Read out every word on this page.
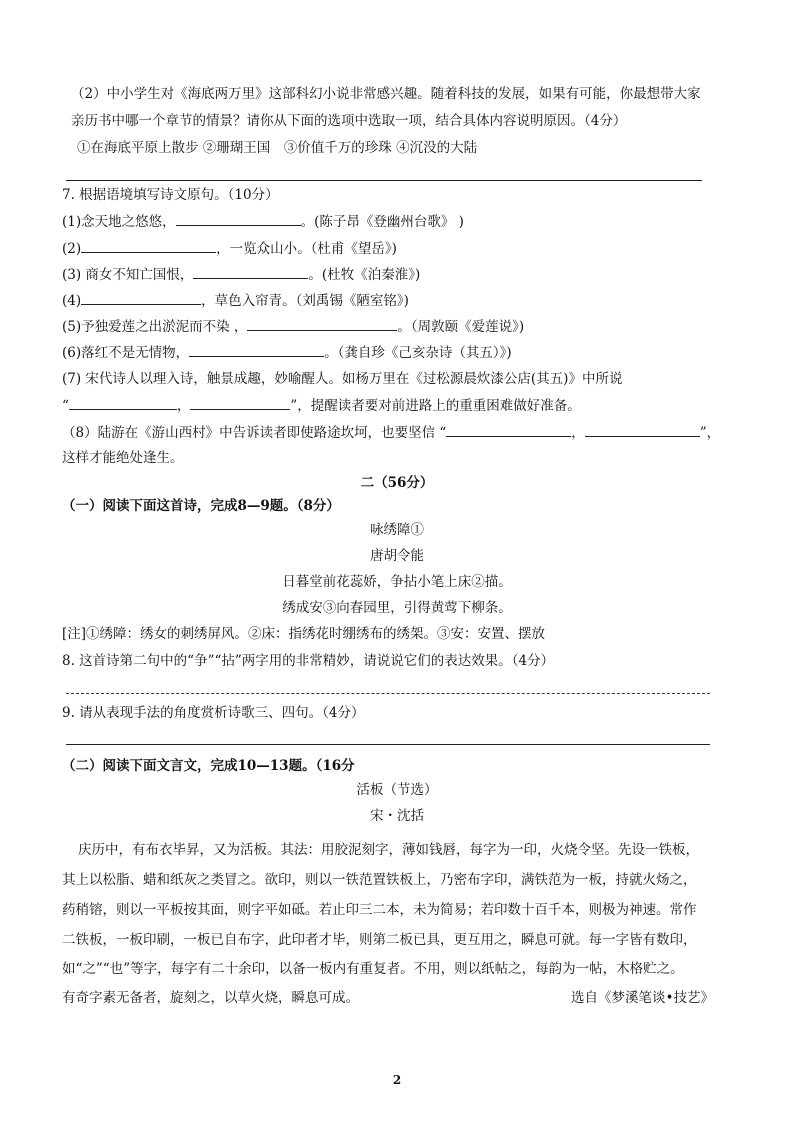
（2）中小学生对《海底两万里》这部科幻小说非常感兴趣。随着科技的发展，如果有可能，你最想带大家
亲历书中哪一个章节的情景？请你从下面的选项中选取一项，结合具体内容说明原因。（4分）
①在海底平原上散步 ②珊瑚王国　③价值千万的珍珠 ④沉没的大陆
7. 根据语境填写诗文原句。（10分）
(1)念天地之悠悠，	。(陈子昂《登幽州台歌》 )
(2)	，一览众山小。（杜甫《望岳》)
(3) 商女不知亡国恨，	。(杜牧《泊秦淮》)
(4)	，草色入帘青。（刘禹锡《陋室铭》)
(5)予独爱莲之出淤泥而不染 ，	。（周敦颐《爱莲说》)
(6)落红不是无情物，	。（龚自珍《己亥杂诗（其五）》)
(7) 宋代诗人以理入诗，触景成趣，妙喻醒人。如杨万里在《过松源晨炊漆公店(其五)》中所说
“	，	”，提醒读者要对前进路上的重重困难做好准备。
（8）陆游在《游山西村》中告诉读者即使路途坎坷，也要坚信 “	，	”，
这样才能绝处逢生。
二（56分）
（一）阅读下面这首诗，完成8—9题。（8分）
咏绣障①
唐胡令能
日暮堂前花蕊娇，争拈小笔上床②描。
绣成安③向春园里，引得黄莺下柳条。
[注]①绣障：绣女的刺绣屏风。②床：指绣花时绷绣布的绣架。③安：安置、摆放
8. 这首诗第二句中的“争”“拈”两字用的非常精妙，请说说它们的表达效果。（4分）
9. 请从表现手法的角度赏析诗歌三、四句。（4分）
（二）阅读下面文言文，完成10—13题。（16分
活板（节选）
宋・沈括
庆历中，有布衣毕昇，又为活板。其法：用胶泥刻字，薄如钱唇，每字为一印，火烧令坚。先设一铁板，
其上以松脂、蜡和纸灰之类冒之。欲印，则以一铁范置铁板上，乃密布字印，满铁范为一板，持就火炀之，
药稍镕，则以一平板按其面，则字平如砥。若止印三二本，未为简易；若印数十百千本，则极为神速。常作
二铁板，一板印刷，一板已自布字，此印者才毕，则第二板已具，更互用之，瞬息可就。每一字皆有数印，
如“之”“也”等字，每字有二十余印，以备一板内有重复者。不用，则以纸帖之，每韵为一帖，木格贮之。
有奇字素无备者，旋刻之，以草火烧，瞬息可成。	选自《梦溪笔谈•技艺》
2
